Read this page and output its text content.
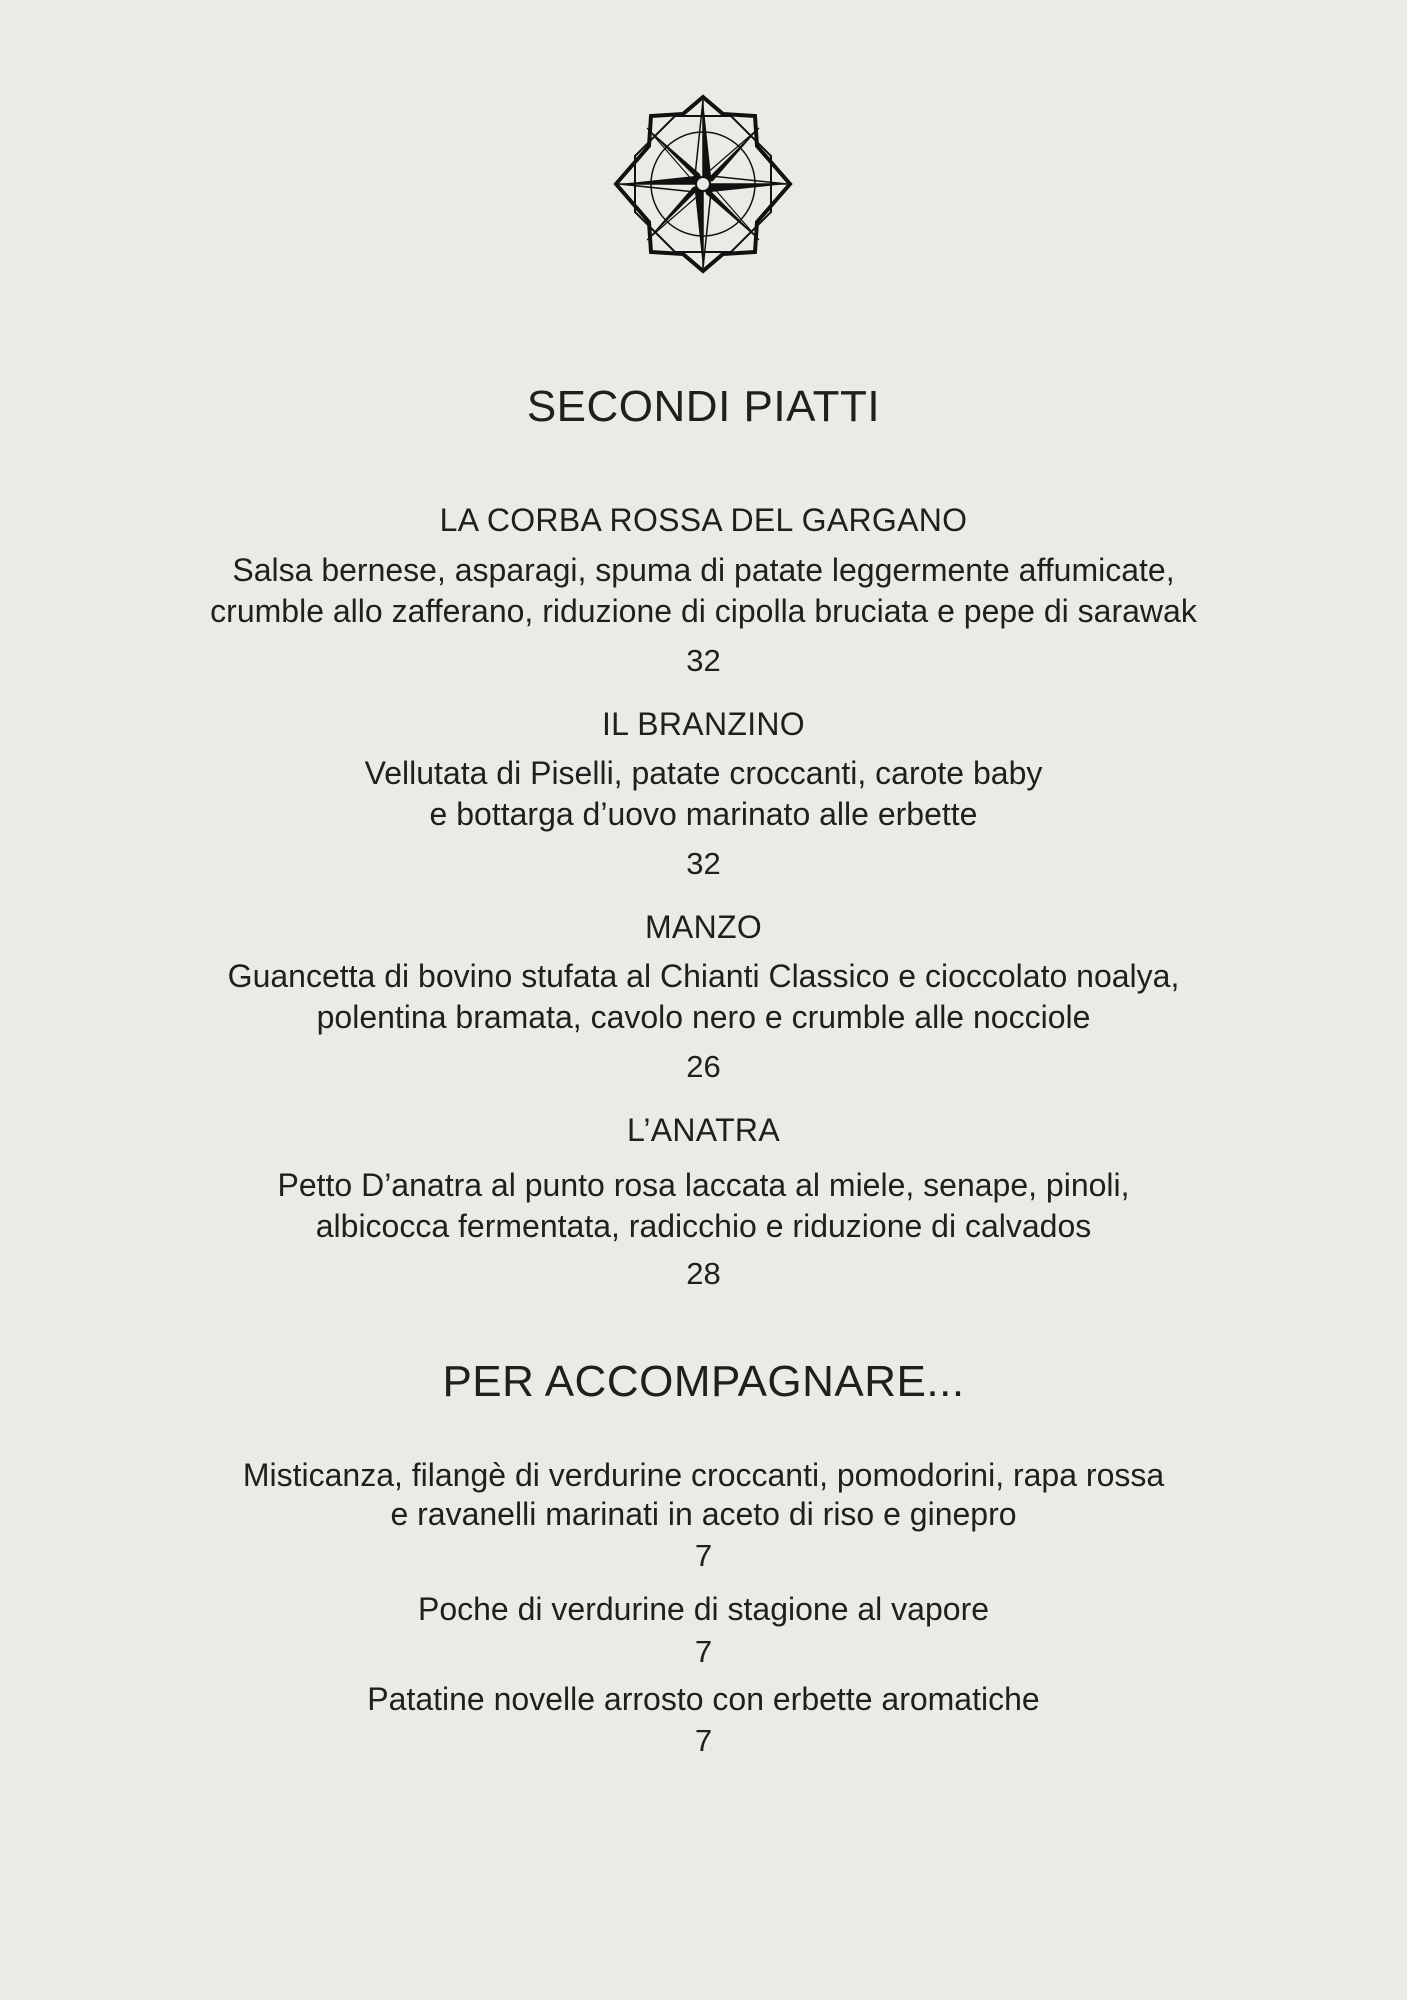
SECONDI PIATTI
LA CORBA ROSSA DEL GARGANO
Salsa bernese, asparagi, spuma di patate leggermente affumicate,
crumble allo zafferano, riduzione di cipolla bruciata e pepe di sarawak
32
IL BRANZINO
Vellutata di Piselli, patate croccanti, carote baby
e bottarga d’uovo marinato alle erbette
32
MANZO
Guancetta di bovino stufata al Chianti Classico e cioccolato noalya,
polentina bramata, cavolo nero e crumble alle nocciole
26
L’ANATRA
Petto D’anatra al punto rosa laccata al miele, senape, pinoli,
albicocca fermentata, radicchio e riduzione di calvados
28
PER ACCOMPAGNARE...
Misticanza, filangè di verdurine croccanti, pomodorini, rapa rossa
e ravanelli marinati in aceto di riso e ginepro
7
Poche di verdurine di stagione al vapore
7
Patatine novelle arrosto con erbette aromatiche
7
